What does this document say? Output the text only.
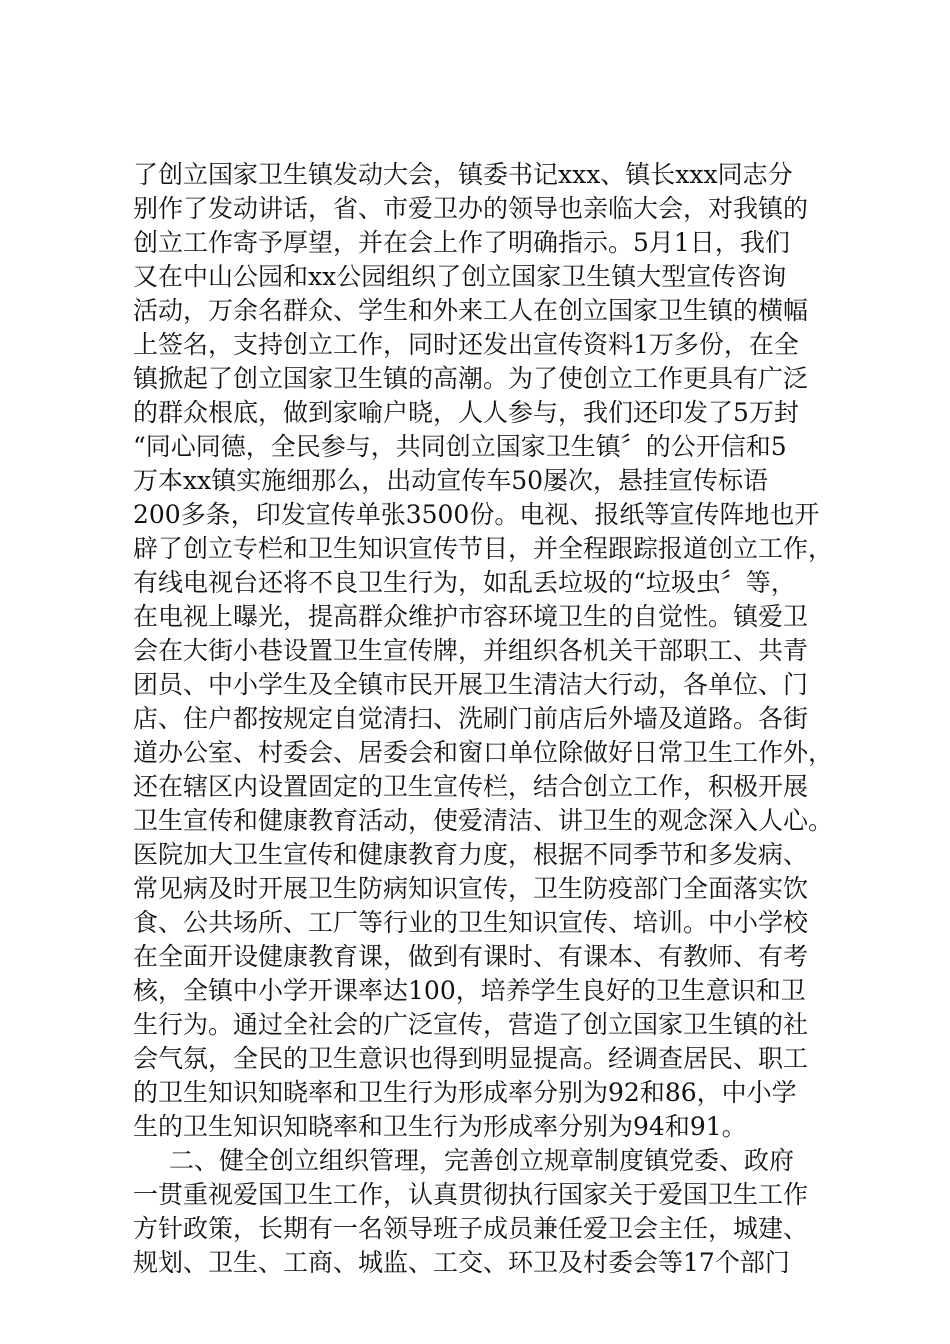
了创立国家卫生镇发动大会，镇委书记xxx、镇长xxx同志分
别作了发动讲话，省、市爱卫办的领导也亲临大会，对我镇的
创立工作寄予厚望，并在会上作了明确指示。5月1日，我们
又在中山公园和xx公园组织了创立国家卫生镇大型宣传咨询
活动，万余名群众、学生和外来工人在创立国家卫生镇的横幅
上签名，支持创立工作，同时还发出宣传资料1万多份，在全
镇掀起了创立国家卫生镇的高潮。为了使创立工作更具有广泛
的群众根底，做到家喻户晓，人人参与，我们还印发了5万封
“同心同德，全民参与，共同创立国家卫生镇〞的公开信和5
万本xx镇实施细那么，出动宣传车50屡次，悬挂宣传标语
200多条，印发宣传单张3500份。电视、报纸等宣传阵地也开
辟了创立专栏和卫生知识宣传节目，并全程跟踪报道创立工作，
有线电视台还将不良卫生行为，如乱丢垃圾的“垃圾虫〞等，
在电视上曝光，提高群众维护市容环境卫生的自觉性。镇爱卫
会在大街小巷设置卫生宣传牌，并组织各机关干部职工、共青
团员、中小学生及全镇市民开展卫生清洁大行动，各单位、门
店、住户都按规定自觉清扫、洗刷门前店后外墙及道路。各街
道办公室、村委会、居委会和窗口单位除做好日常卫生工作外，
还在辖区内设置固定的卫生宣传栏，结合创立工作，积极开展
卫生宣传和健康教育活动，使爱清洁、讲卫生的观念深入人心。
医院加大卫生宣传和健康教育力度，根据不同季节和多发病、
常见病及时开展卫生防病知识宣传，卫生防疫部门全面落实饮
食、公共场所、工厂等行业的卫生知识宣传、培训。中小学校
在全面开设健康教育课，做到有课时、有课本、有教师、有考
核，全镇中小学开课率达100，培养学生良好的卫生意识和卫
生行为。通过全社会的广泛宣传，营造了创立国家卫生镇的社
会气氛，全民的卫生意识也得到明显提高。经调查居民、职工
的卫生知识知晓率和卫生行为形成率分别为92和86，中小学
生的卫生知识知晓率和卫生行为形成率分别为94和91。
二、健全创立组织管理，完善创立规章制度镇党委、政府
一贯重视爱国卫生工作，认真贯彻执行国家关于爱国卫生工作
方针政策，长期有一名领导班子成员兼任爱卫会主任，城建、
规划、卫生、工商、城监、工交、环卫及村委会等17个部门
